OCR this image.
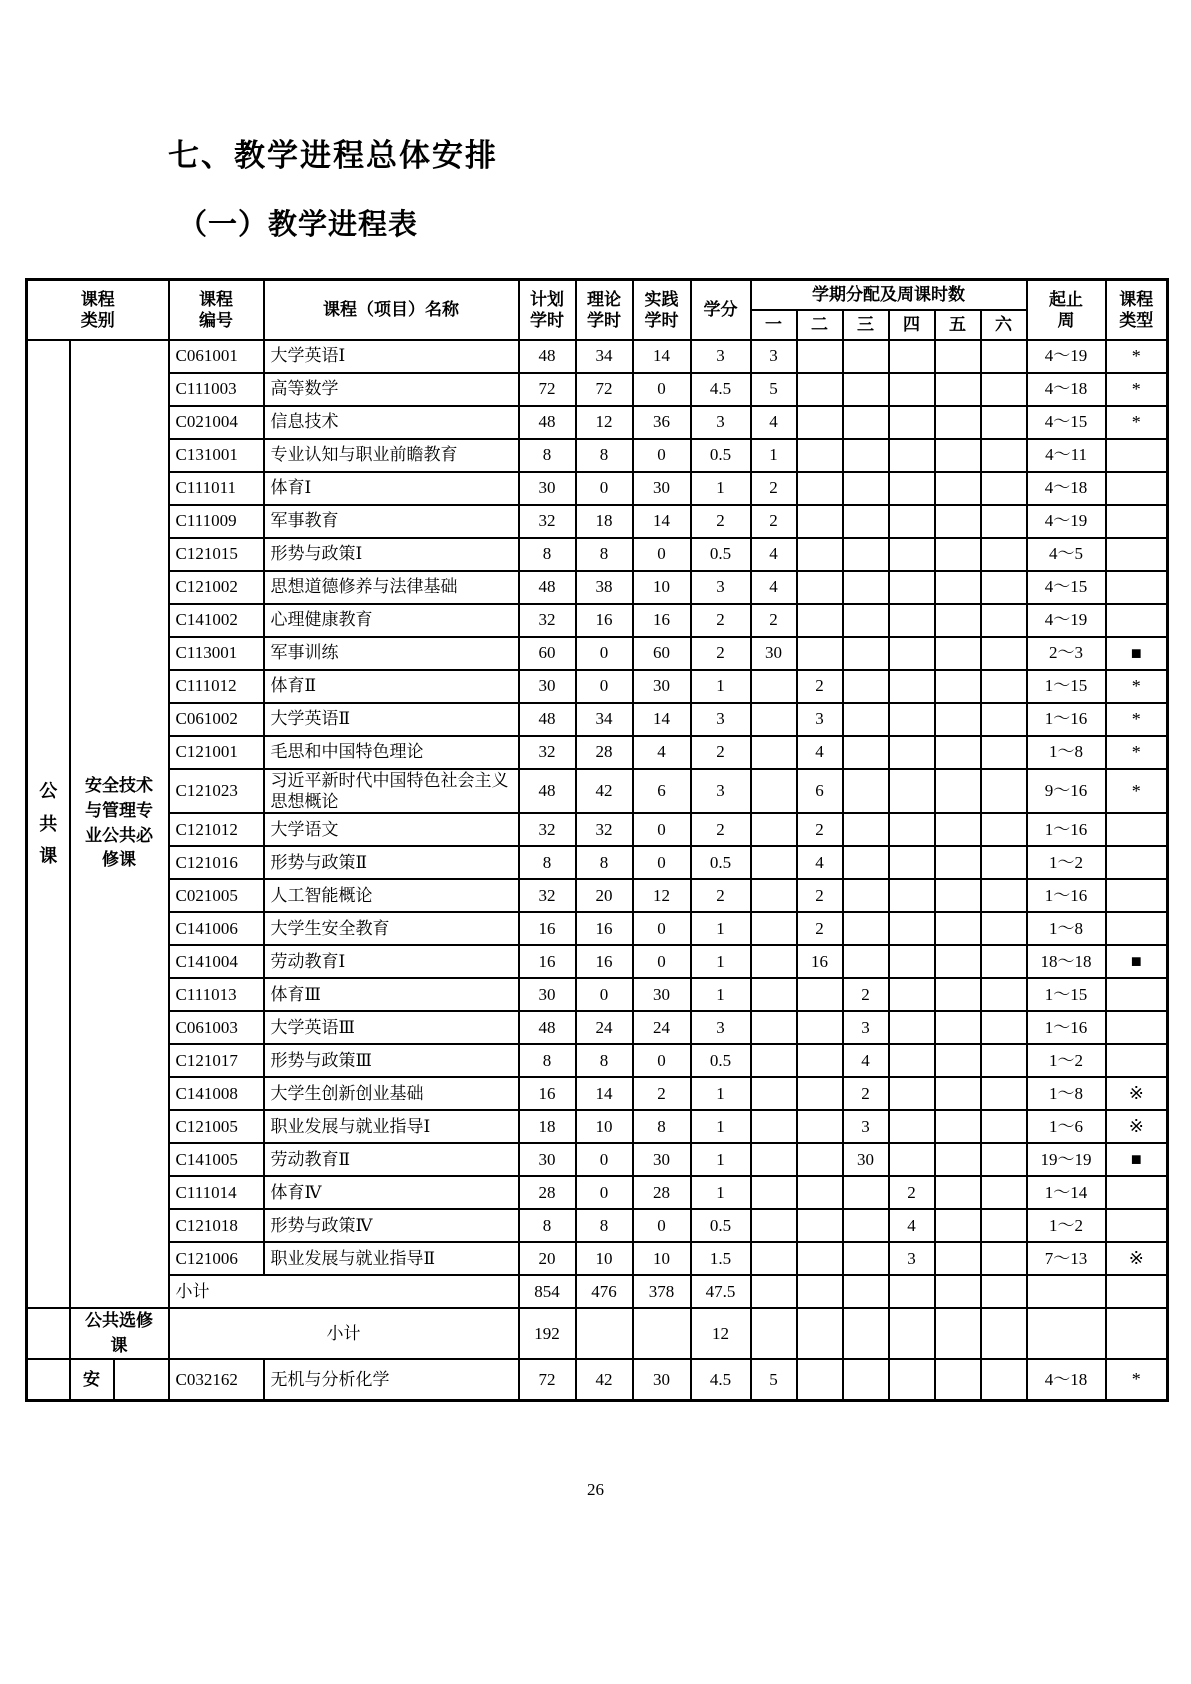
七、教学进程总体安排
（一）教学进程表
课程类别			课程编号	课程（项目）名称	计划学时	理论学时	实践学时	学分	学期分配及周课时数						起止周	课程类型

									一	二	三	四	五	六		

公共课	安全技术与管理专业公共必修课		C061001	大学英语Ⅰ	48	34	14	3	3						4～19	*
			C111003	高等数学	72	72	0	4.5	5						4～18	*
			C021004	信息技术	48	12	36	3	4						4～15	*
			C131001	专业认知与职业前瞻教育	8	8	0	0.5	1						4～11	
			C111011	体育Ⅰ	30	0	30	1	2						4～18	
			C111009	军事教育	32	18	14	2	2						4～19	
			C121015	形势与政策Ⅰ	8	8	0	0.5	4						4～5	
			C121002	思想道德修养与法律基础	48	38	10	3	4						4～15	
			C141002	心理健康教育	32	16	16	2	2						4～19	
			C113001	军事训练	60	0	60	2	30						2～3	■
			C111012	体育Ⅱ	30	0	30	1		2					1～15	*
			C061002	大学英语Ⅱ	48	34	14	3		3					1～16	*
			C121001	毛思和中国特色理论	32	28	4	2		4					1～8	*
			C121023	习近平新时代中国特色社会主义思想概论	48	42	6	3		6					9～16	*
			C121012	大学语文	32	32	0	2		2					1～16	
			C121016	形势与政策Ⅱ	8	8	0	0.5		4					1～2	
			C021005	人工智能概论	32	20	12	2		2					1～16	
			C141006	大学生安全教育	16	16	0	1		2					1～8	
			C141004	劳动教育Ⅰ	16	16	0	1		16					18～18	■
			C111013	体育Ⅲ	30	0	30	1			2				1～15	
			C061003	大学英语Ⅲ	48	24	24	3			3				1～16	
			C121017	形势与政策Ⅲ	8	8	0	0.5			4				1～2	
			C141008	大学生创新创业基础	16	14	2	1			2				1～8	※
			C121005	职业发展与就业指导Ⅰ	18	10	8	1			3				1～6	※
			C141005	劳动教育Ⅱ	30	0	30	1			30				19～19	■
			C111014	体育Ⅳ	28	0	28	1				2			1～14	
			C121018	形势与政策Ⅳ	8	8	0	0.5				4			1～2	
			C121006	职业发展与就业指导Ⅱ	20	10	10	1.5				3			7～13	※
			小计		854	476	378	47.5								

	公共选修课		小计		192			12								
	安		C032162	无机与分析化学	72	42	30	4.5	5						4～18	*
26
